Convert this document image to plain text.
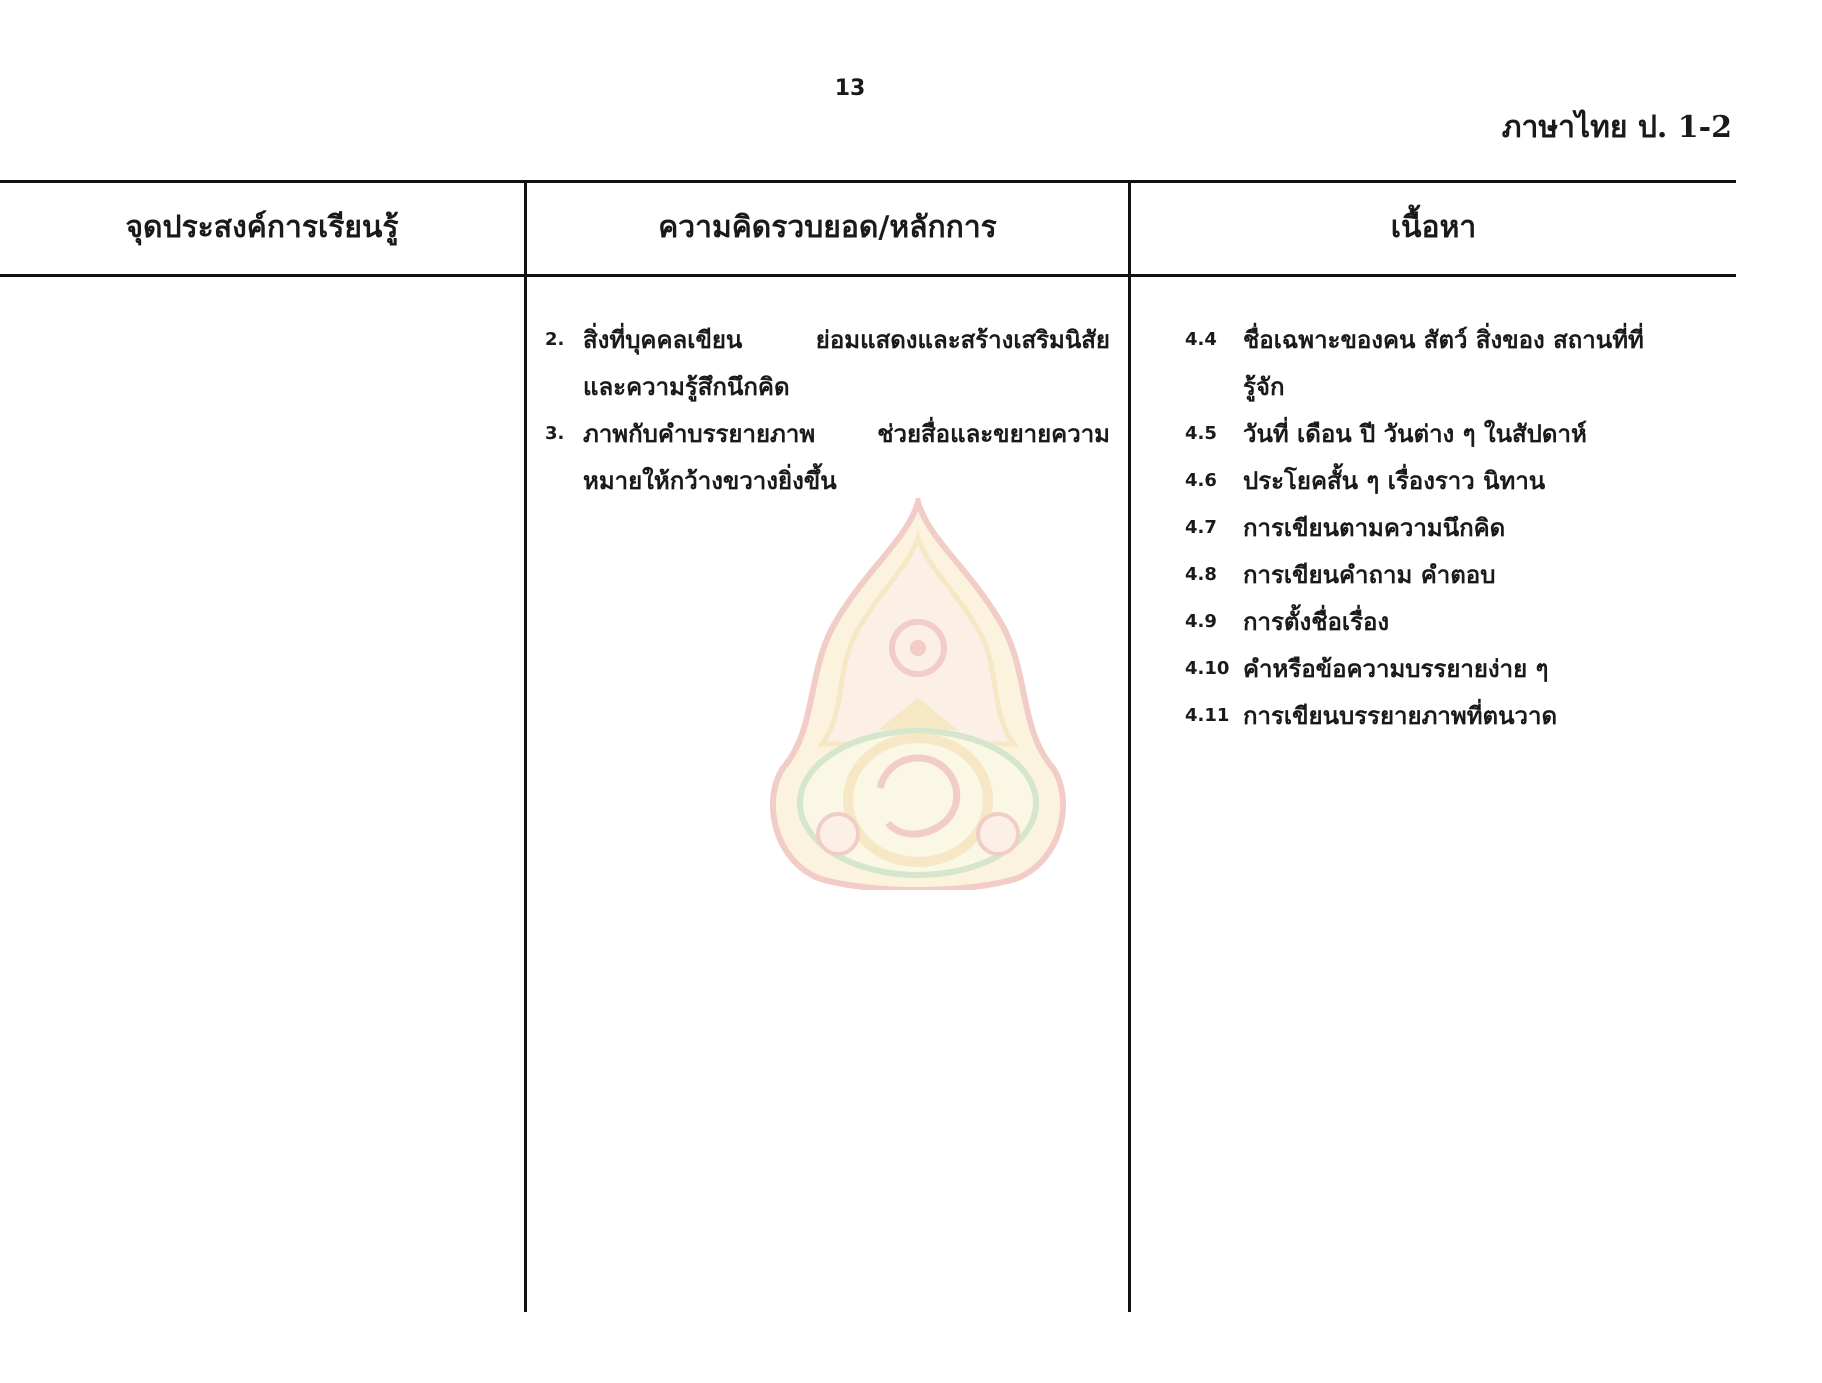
13
ภาษาไทย ป. 1-2
จุดประสงค์การเรียนรู้	ความคิดรวบยอด/หลักการ	เนื้อหา
2. สิ่งที่บุคคลเขียน ย่อมแสดงและสร้างเสริมนิสัย
และความรู้สึกนึกคิด
3. ภาพกับคำบรรยายภาพ ช่วยสื่อและขยายความ
หมายให้กว้างขวางยิ่งขึ้น
4.4 ชื่อเฉพาะของคน สัตว์ สิ่งของ สถานที่ที่
รู้จัก
4.5 วันที่ เดือน ปี วันต่าง ๆ ในสัปดาห์
4.6 ประโยคสั้น ๆ เรื่องราว นิทาน
4.7 การเขียนตามความนึกคิด
4.8 การเขียนคำถาม คำตอบ
4.9 การตั้งชื่อเรื่อง
4.10 คำหรือข้อความบรรยายง่าย ๆ
4.11 การเขียนบรรยายภาพที่ตนวาด
